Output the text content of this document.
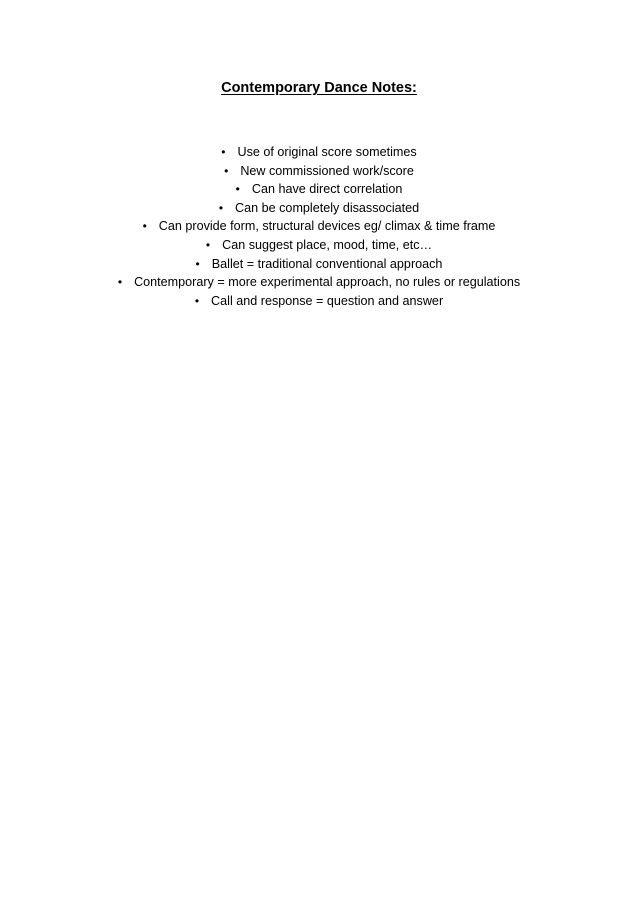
Contemporary Dance Notes:
• Use of original score sometimes
• New commissioned work/score
• Can have direct correlation
• Can be completely disassociated
• Can provide form, structural devices eg/ climax & time frame
• Can suggest place, mood, time, etc…
• Ballet = traditional conventional approach
• Contemporary = more experimental approach, no rules or regulations
• Call and response = question and answer
